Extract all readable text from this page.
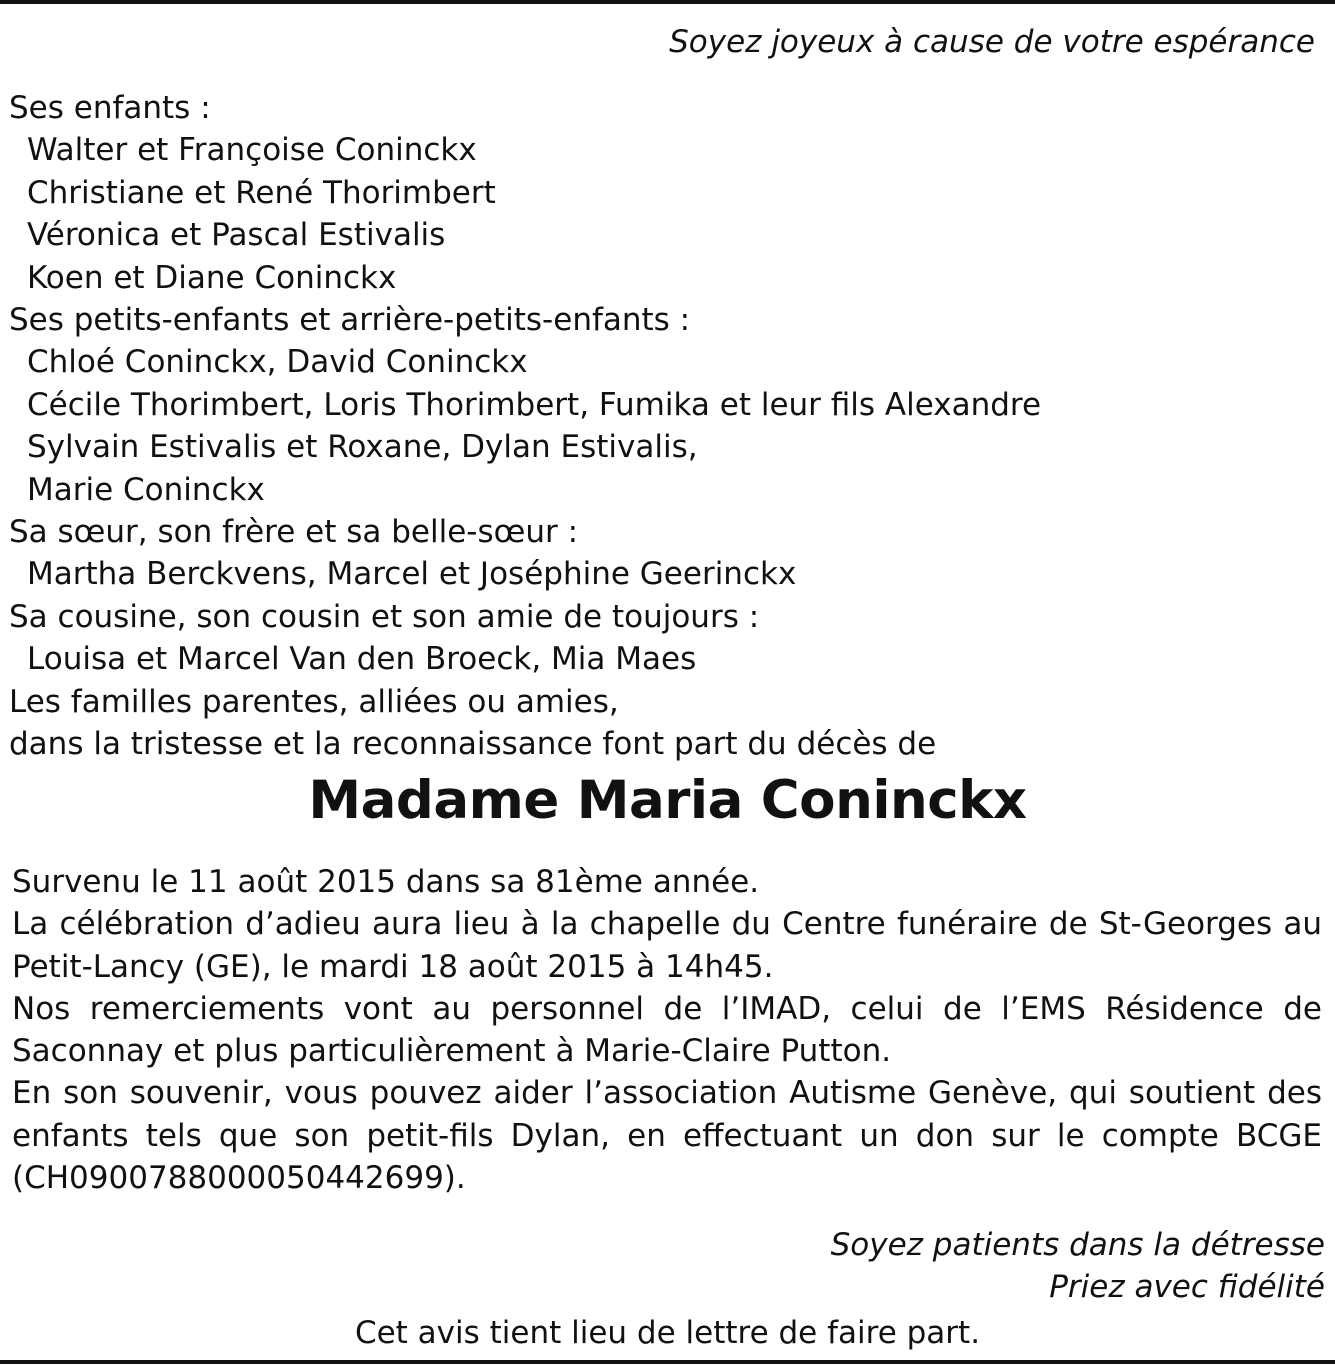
Soyez joyeux à cause de votre espérance
Ses enfants :
Walter et Françoise Coninckx
Christiane et René Thorimbert
Véronica et Pascal Estivalis
Koen et Diane Coninckx
Ses petits-enfants et arrière-petits-enfants :
Chloé Coninckx, David Coninckx
Cécile Thorimbert, Loris Thorimbert, Fumika et leur fils Alexandre
Sylvain Estivalis et Roxane, Dylan Estivalis,
Marie Coninckx
Sa sœur, son frère et sa belle-sœur :
Martha Berckvens, Marcel et Joséphine Geerinckx
Sa cousine, son cousin et son amie de toujours :
Louisa et Marcel Van den Broeck, Mia Maes
Les familles parentes, alliées ou amies,
dans la tristesse et la reconnaissance font part du décès de
Madame Maria Coninckx
Survenu le 11 août 2015 dans sa 81ème année.
La célébration d’adieu aura lieu à la chapelle du Centre funéraire de St-Georges au Petit-Lancy (GE), le mardi 18 août 2015 à 14h45.
Nos remerciements vont au personnel de l’IMAD, celui de l’EMS Résidence de Saconnay et plus particulièrement à Marie-Claire Putton.
En son souvenir, vous pouvez aider l’association Autisme Genève, qui soutient des enfants tels que son petit-fils Dylan, en effectuant un don sur le compte BCGE (CH0900788000050442699).
Soyez patients dans la détresse
Priez avec fidélité
Cet avis tient lieu de lettre de faire part.
